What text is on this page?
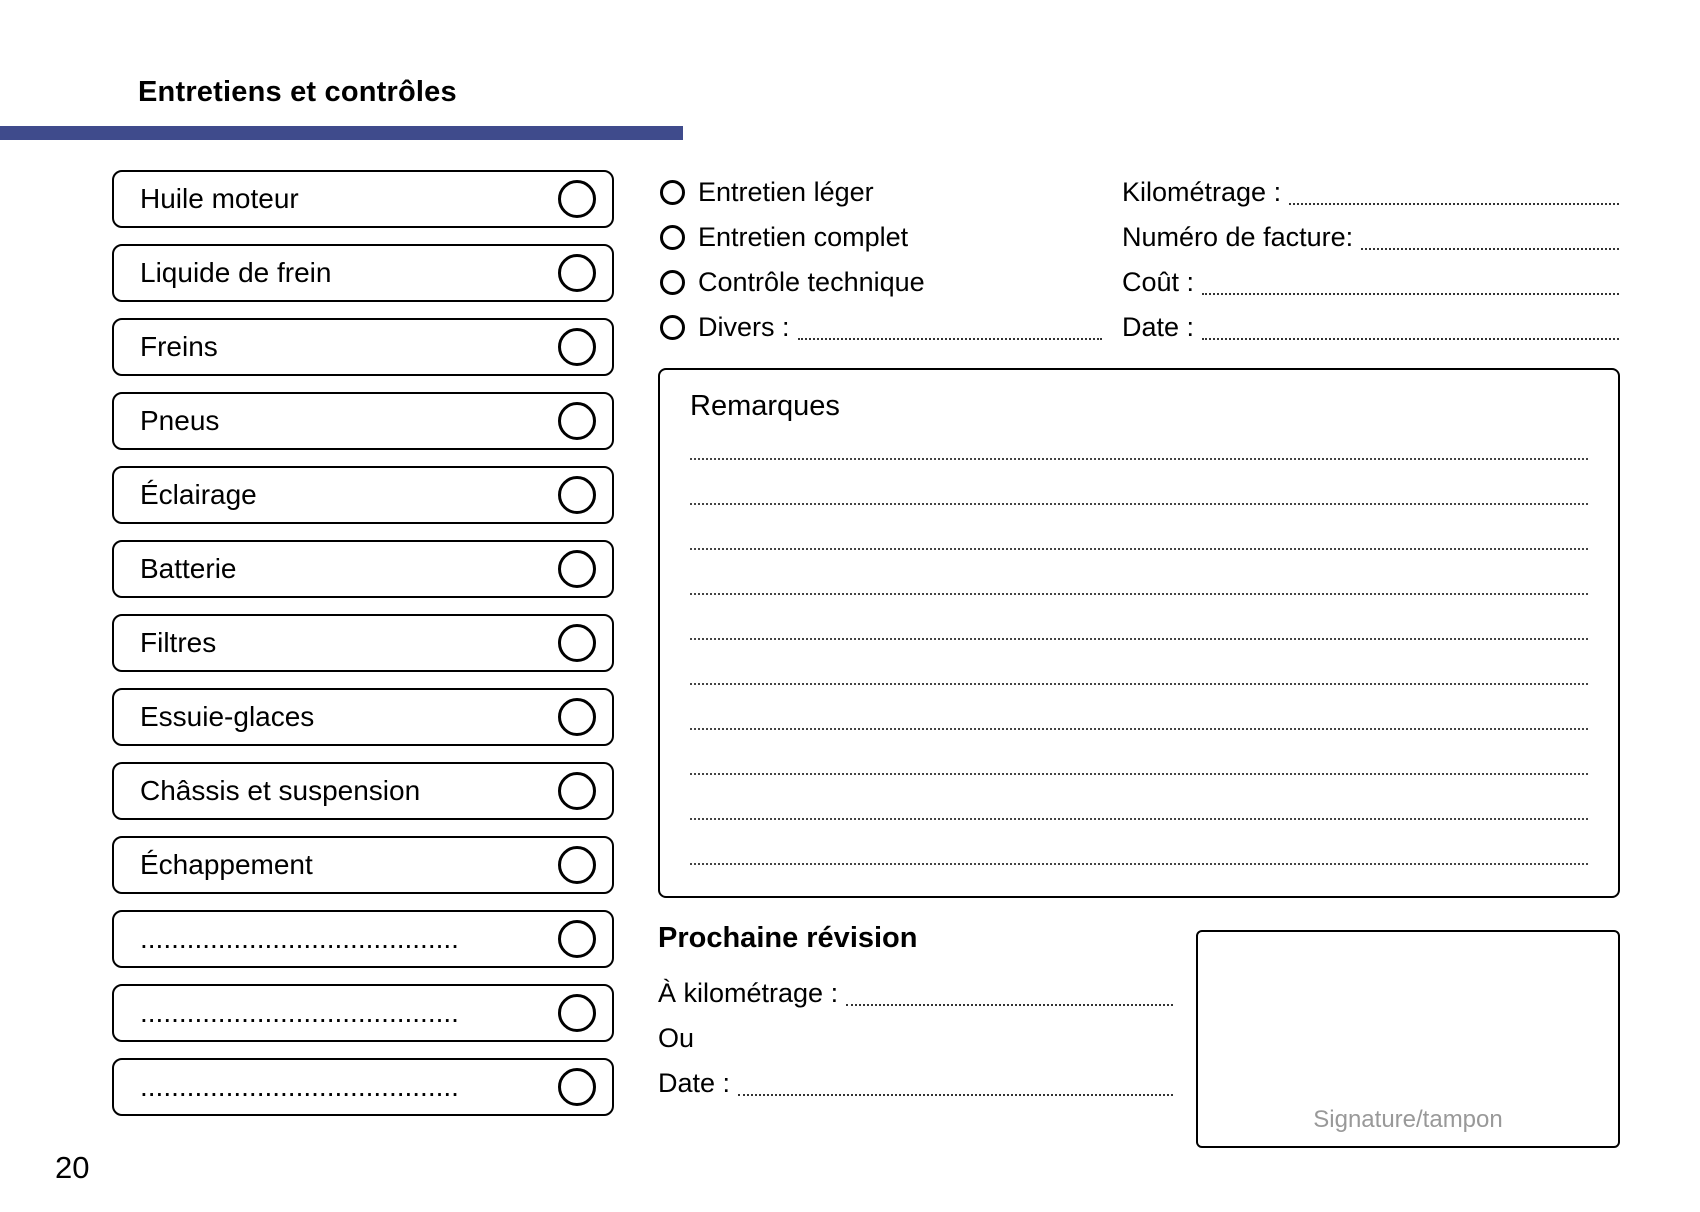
Entretiens et contrôles
Huile moteur
Liquide de frein
Freins
Pneus
Éclairage
Batterie
Filtres
Essuie-glaces
Châssis et suspension
Échappement
.........................................
.........................................
.........................................
Entretien léger
Entretien complet
Contrôle technique
Divers :
Kilométrage :
Numéro de facture:
Coût :
Date :
Remarques
Prochaine révision
À kilométrage :
Ou
Date :
Signature/tampon
20
